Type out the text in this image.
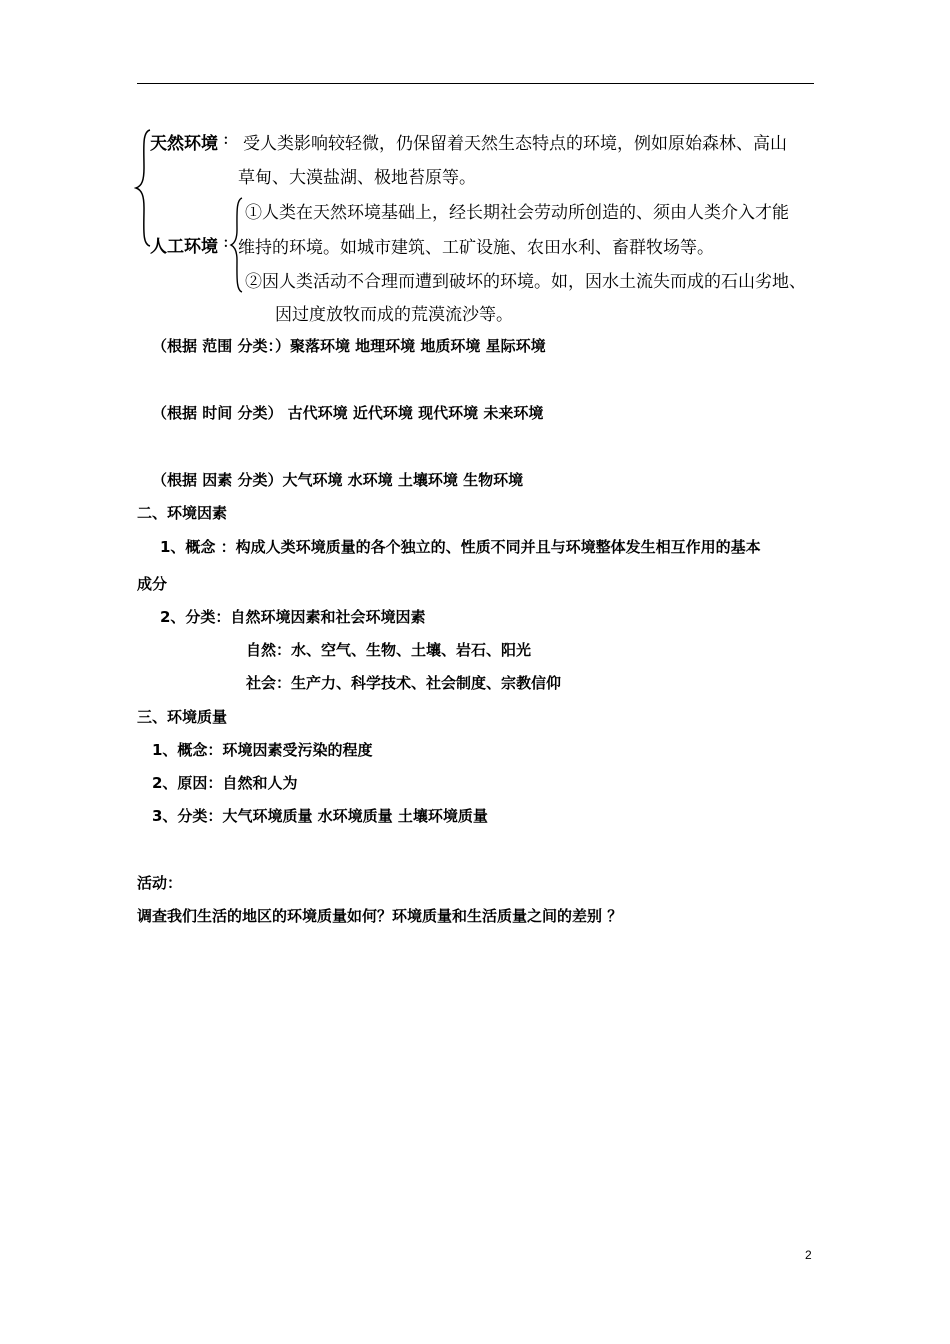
天然环境 : 受人类影响较轻微，仍保留着天然生态特点的环境，例如原始森林、高山
草甸、大漠盐湖、极地苔原等。
人工环境 :
①人类在天然环境基础上，经长期社会劳动所创造的、须由人类介入才能
维持的环境。如城市建筑、工矿设施、农田水利、畜群牧场等。
②因人类活动不合理而遭到破坏的环境。如，因水土流失而成的石山劣地、
因过度放牧而成的荒漠流沙等。
（根据 范围 分类：）聚落环境 地理环境 地质环境 星际环境
（根据 时间 分类） 古代环境 近代环境 现代环境 未来环境
（根据 因素 分类）大气环境 水环境 土壤环境 生物环境
二、环境因素
1、概念 ：构成人类环境质量的各个独立的、性质不同并且与环境整体发生相互作用的基本
成分
2、分类：自然环境因素和社会环境因素
自然：水、空气、生物、土壤、岩石、阳光
社会：生产力、科学技术、社会制度、宗教信仰
三、环境质量
1、概念：环境因素受污染的程度
2、原因：自然和人为
3、分类：大气环境质量 水环境质量 土壤环境质量
活动：
调查我们生活的地区的环境质量如何？环境质量和生活质量之间的差别 ？
2
